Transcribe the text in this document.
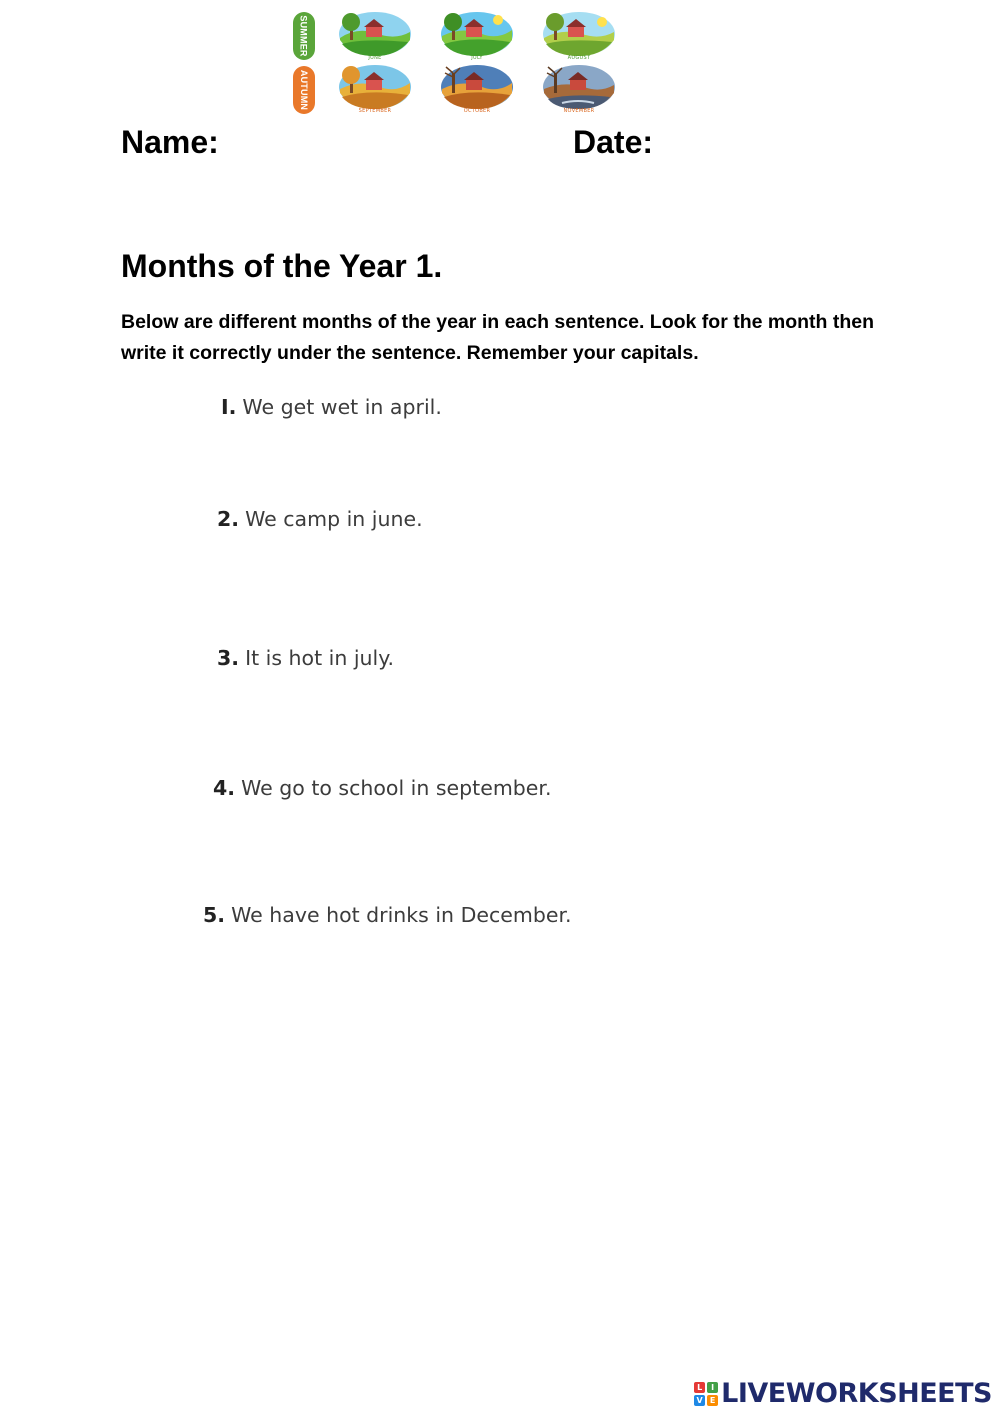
SUMMER
AUTUMN
JUNE	JULY	AUGUST
SEPTEMBER	OCTOBER	NOVEMBER
Name:	Date:
Months of the Year 1.
Below are different months of the year in each sentence. Look for the month then write it correctly under the sentence. Remember your capitals.
I. We get wet in april.
2. We camp in june.
3. It is hot in july.
4. We go to school in september.
5. We have hot drinks in December.
L	I
V E LIVEWORKSHEETS
